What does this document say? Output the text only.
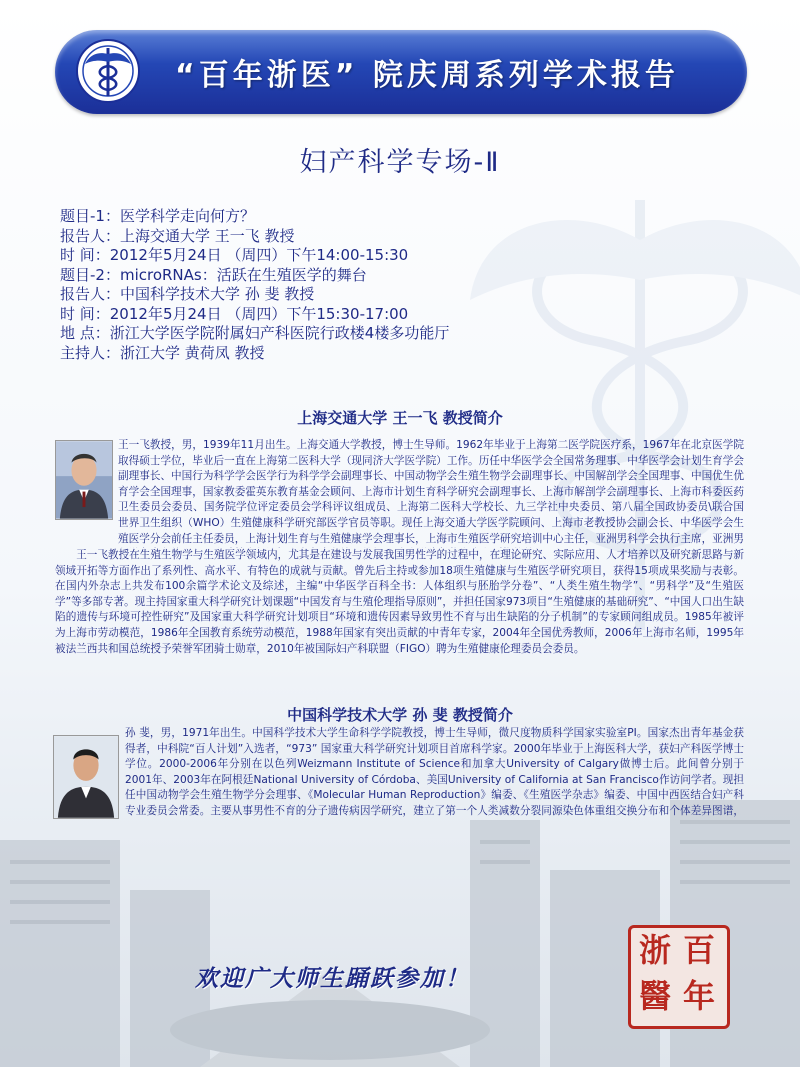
“百年浙医” 院庆周系列学术报告
妇产科学专场-Ⅱ
题目-1：医学科学走向何方？
报告人：上海交通大学 王一飞 教授
时 间：2012年5月24日 （周四）下午14:00-15:30
题目-2：microRNAs：活跃在生殖医学的舞台
报告人：中国科学技术大学 孙 斐 教授
时 间：2012年5月24日 （周四）下午15:30-17:00
地 点：浙江大学医学院附属妇产科医院行政楼4楼多功能厅
主持人：浙江大学 黄荷凤 教授
上海交通大学 王一飞 教授简介

王一飞教授，男，1939年11月出生。上海交通大学教授，博士生导师。1962年毕业于上海第二医学院医疗系，1967年在北京医学院取得硕士学位，毕业后一直在上海第二医科大学（现同济大学医学院）工作。历任中华医学会全国常务理事、中华医学会计划生育学会副理事长、中国行为科学学会医学行为科学学会副理事长、中国动物学会生殖生物学会副理事长、中国解剖学会全国理事、中国优生优育学会全国理事，国家教委霍英东教育基金会顾问、上海市计划生育科学研究会副理事长、上海市解剖学会副理事长、上海市科委医药卫生委员会委员、国务院学位评定委员会学科评议组成员、上海第二医科大学校长、九三学社中央委员、第八届全国政协委员\联合国世界卫生组织（WHO）生殖健康科学研究部医学官员等职。现任上海交通大学医学院顾问、上海市老教授协会副会长、中华医学会生殖医学分会前任主任委员，上海计划生育与生殖健康学会理事长，上海市生殖医学研究培训中心主任，亚洲男科学会执行主席，亚洲男

王一飞教授在生殖生物学与生殖医学领域内，尤其是在建设与发展我国男性学的过程中，在理论研究、实际应用、人才培养以及研究新思路与新领域开拓等方面作出了系列性、高水平、有特色的成就与贡献。曾先后主持或参加18项生殖健康与生殖医学研究项目，获得15项成果奖励与表彰。在国内外杂志上共发布100余篇学术论文及综述，主编“中华医学百科全书：人体组织与胚胎学分卷”、“人类生殖生物学”、“男科学”及“生殖医学”等多部专著。现主持国家重大科学研究计划课题“中国发育与生殖伦理指导原则”，并担任国家973项目“生殖健康的基础研究”、“中国人口出生缺陷的遗传与环境可控性研究”及国家重大科学研究计划项目“环境和遗传因素导致男性不育与出生缺陷的分子机制”的专家顾问组成员。1985年被评为上海市劳动模范，1986年全国教育系统劳动模范，1988年国家有突出贡献的中青年专家，2004年全国优秀教师，2006年上海市名师，1995年被法兰西共和国总统授予荣誉军团骑士勋章，2010年被国际妇产科联盟（FIGO）聘为生殖健康伦理委员会委员。

中国科学技术大学 孙 斐 教授简介

孙 斐，男，1971年出生。中国科学技术大学生命科学学院教授，博士生导师，微尺度物质科学国家实验室PI。国家杰出青年基金获得者，中科院“百人计划”入选者，“973” 国家重大科学研究计划项目首席科学家。2000年毕业于上海医科大学，获妇产科医学博士学位。2000-2006年分别在以色列Weizmann Institute of Science和加拿大University of Calgary做博士后。此间曾分别于2001年、2003年在阿根廷National University of Córdoba、美国University of California at San Francisco作访问学者。现担任中国动物学会生殖生物学分会理事、《Molecular Human Reproduction》编委、《生殖医学杂志》编委、中国中西医结合妇产科专业委员会常委。主要从事男性不育的分子遗传病因学研究，建立了第一个人类减数分裂同源染色体重组交换分布和个体差异图谱，

欢迎广大师生踊跃参加！
百
年
浙
醫
